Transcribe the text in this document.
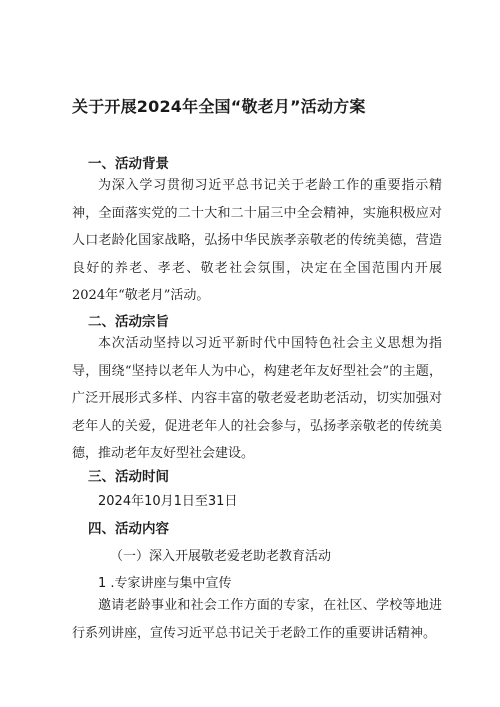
关于开展2024年全国“敬老月”活动方案
一、活动背景
为深入学习贯彻习近平总书记关于老龄工作的重要指示精神，全面落实党的二十大和二十届三中全会精神，实施积极应对人口老龄化国家战略，弘扬中华民族孝亲敬老的传统美德，营造良好的养老、孝老、敬老社会氛围，决定在全国范围内开展2024年“敬老月”活动。
二、活动宗旨
本次活动坚持以习近平新时代中国特色社会主义思想为指导，围绕“坚持以老年人为中心，构建老年友好型社会”的主题，广泛开展形式多样、内容丰富的敬老爱老助老活动，切实加强对老年人的关爱，促进老年人的社会参与，弘扬孝亲敬老的传统美德，推动老年友好型社会建设。
三、活动时间
2024年10月1日至31日
四、活动内容
（一）深入开展敬老爱老助老教育活动
1 .专家讲座与集中宣传
邀请老龄事业和社会工作方面的专家，在社区、学校等地进行系列讲座，宣传习近平总书记关于老龄工作的重要讲话精神。
